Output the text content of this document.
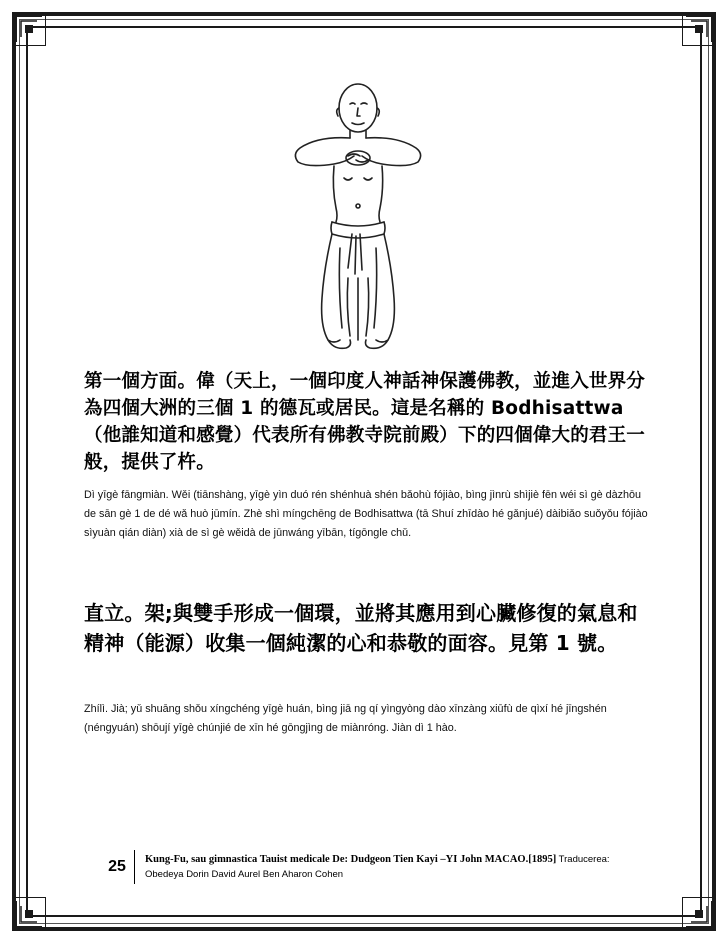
第一個方面。偉（天上，一個印度人神話神保護佛教，並進入世界分為四個大洲的三個 1 的德瓦或居民。這是名稱的 Bodhisattwa（他誰知道和感覺）代表所有佛教寺院前殿）下的四個偉大的君王一般，提供了杵。
Dì yīgè fāngmiàn. Wěi (tiānshàng, yīgè yìn duó rén shénhuà shén bǎohù fójiào, bìng jìnrù shìjiè fēn wéi sì gè dàzhōu de sān gè 1 de dé wǎ huò jūmín. Zhè shì míngchēng de Bodhisattwa (tā Shuí zhīdào hé gǎnjué) dàibiǎo suǒyǒu fójiào sìyuàn qián diàn) xià de sì gè wěidà de jūnwáng yībān, tígōngle chǔ.
直立。架;與雙手形成一個環，並將其應用到心臟修復的氣息和精神（能源）收集一個純潔的心和恭敬的面容。見第 1 號。
Zhílì. Jià; yǔ shuāng shǒu xíngchéng yīgè huán, bìng jiā ng qí yìngyòng dào xīnzàng xiūfù de qìxí hé jīngshén (néngyuán) shōují yīgè chúnjié de xīn hé gōngjìng de miànróng. Jiàn dì 1 hào.
25	Kung-Fu, sau gimnastica Tauist medicale De: Dudgeon Tien Kayi –YI John MACAO.[1895] Traducerea:
Obedeya Dorin David Aurel Ben Aharon Cohen
